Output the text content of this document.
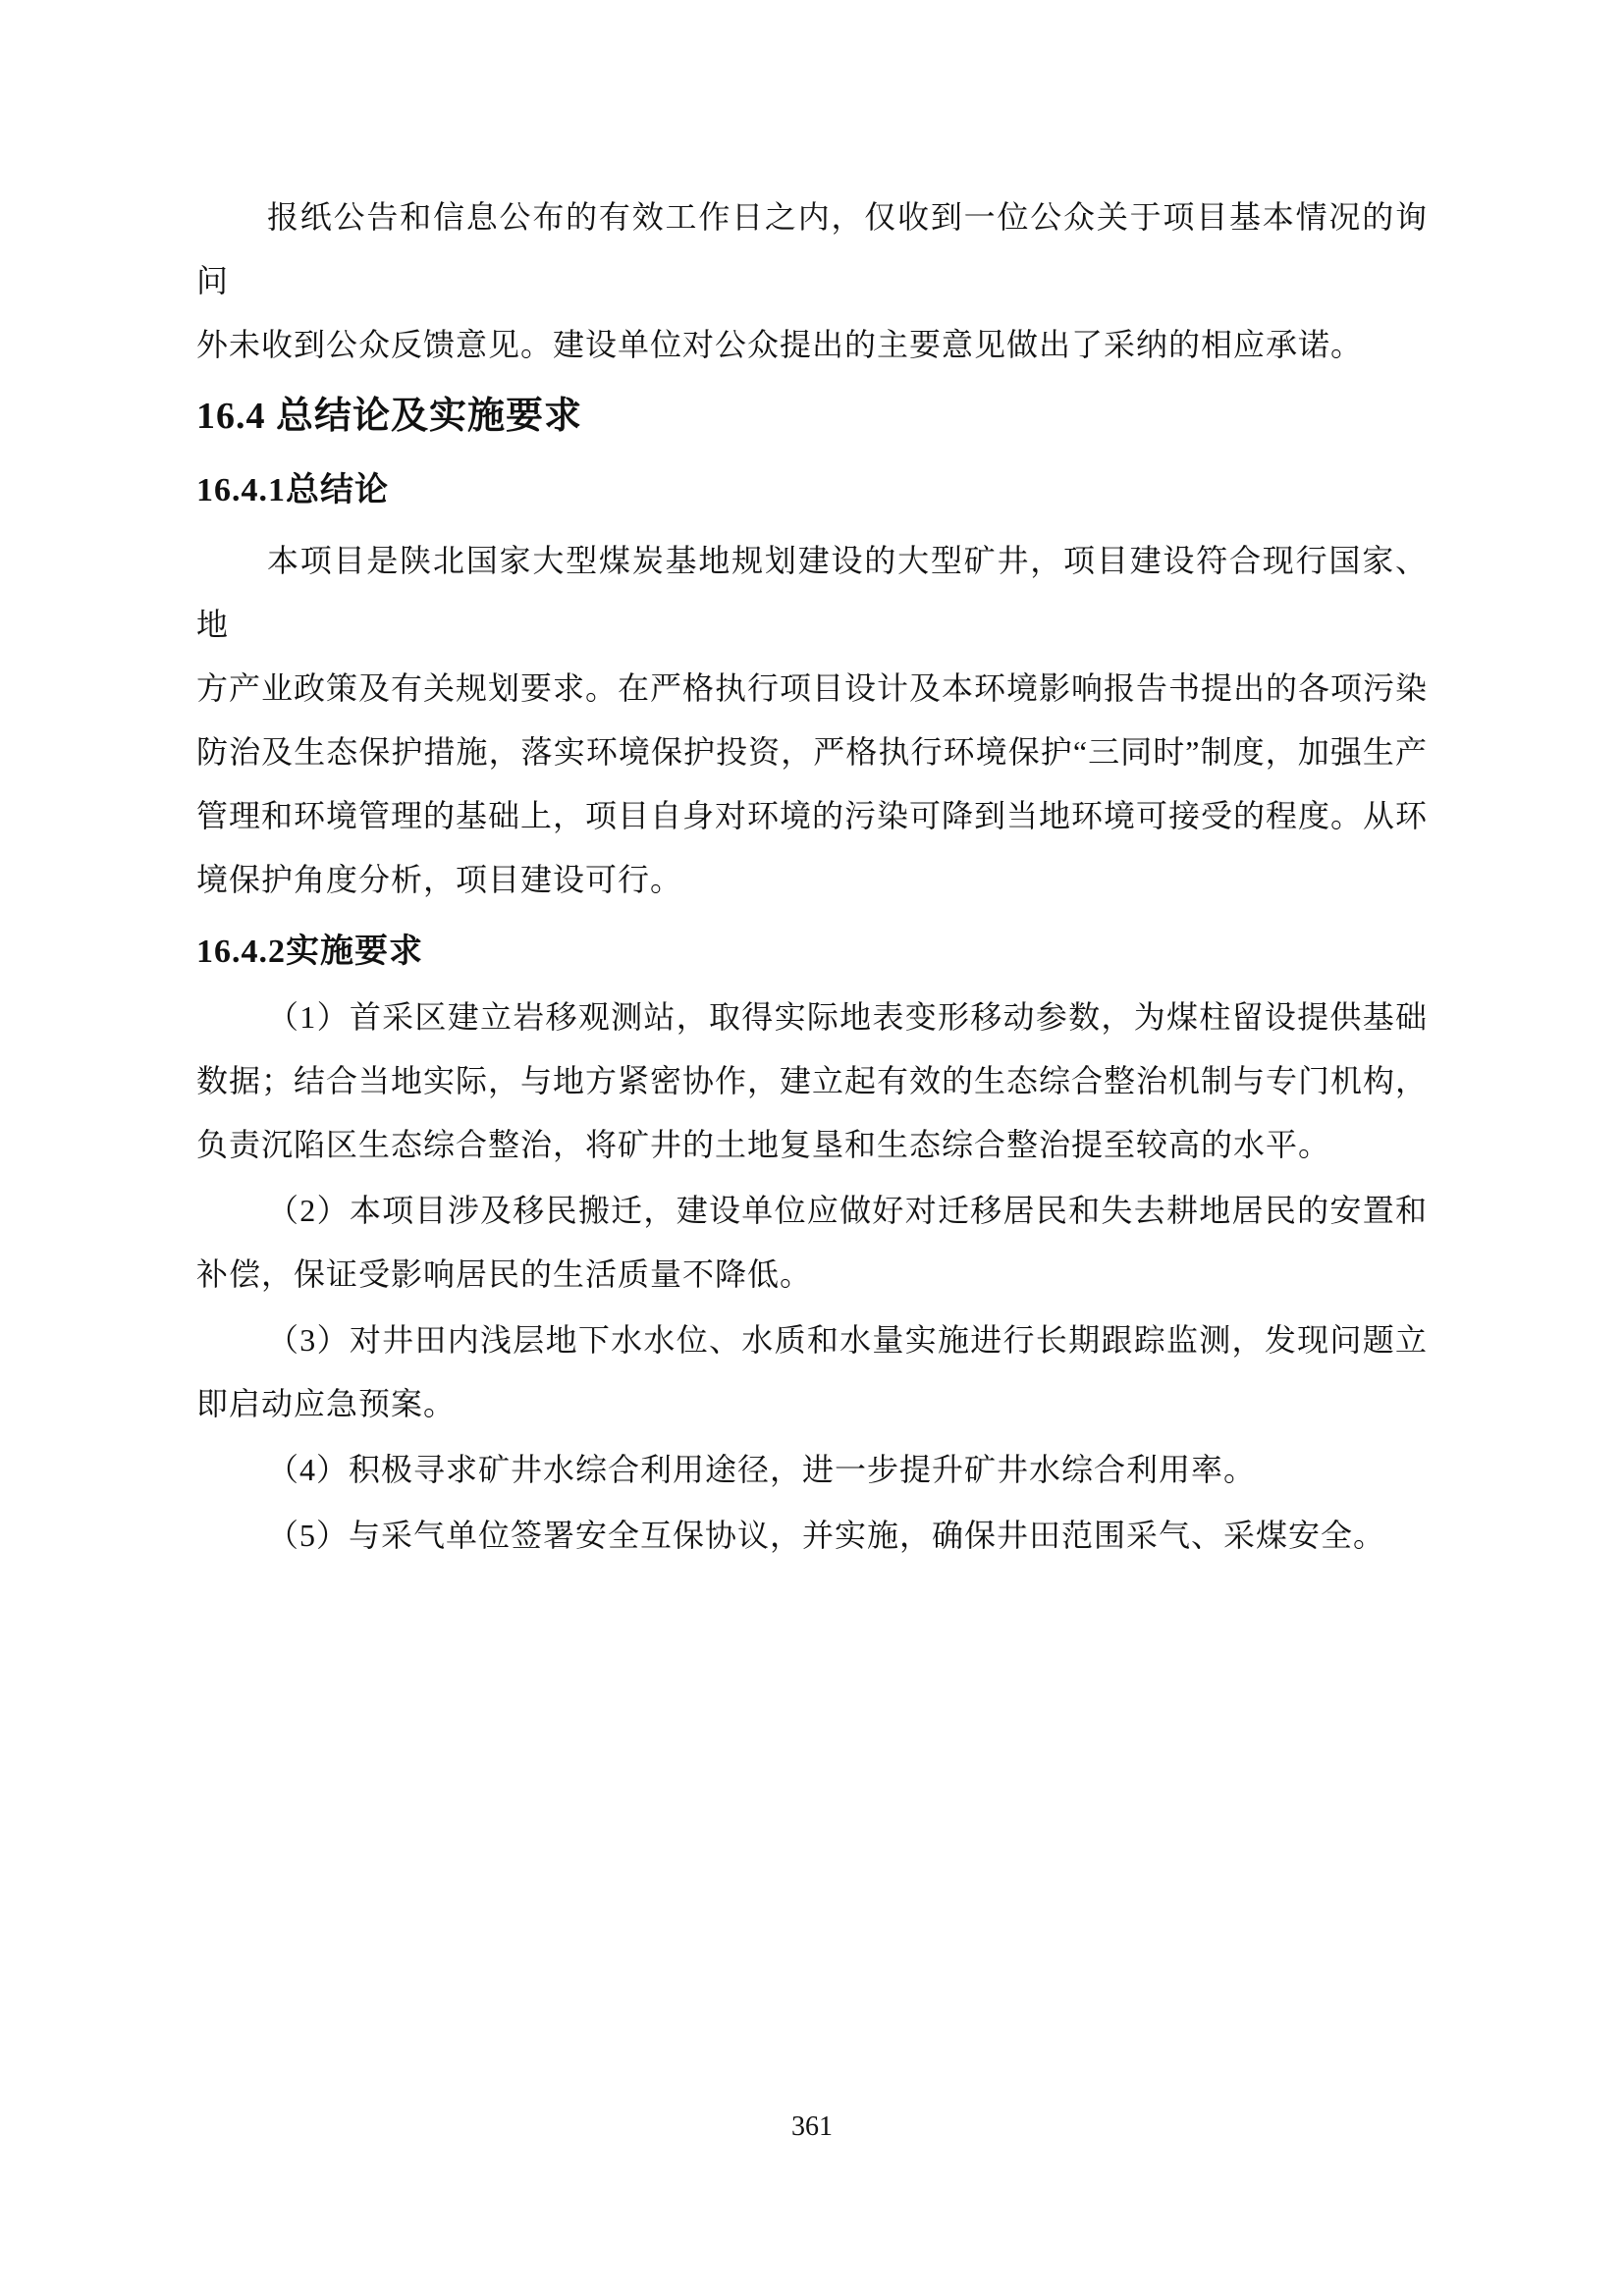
报纸公告和信息公布的有效工作日之内，仅收到一位公众关于项目基本情况的询问
外未收到公众反馈意见。建设单位对公众提出的主要意见做出了采纳的相应承诺。
16.4 总结论及实施要求
16.4.1总结论
本项目是陕北国家大型煤炭基地规划建设的大型矿井，项目建设符合现行国家、地
方产业政策及有关规划要求。在严格执行项目设计及本环境影响报告书提出的各项污染
防治及生态保护措施，落实环境保护投资，严格执行环境保护“三同时”制度，加强生产
管理和环境管理的基础上，项目自身对环境的污染可降到当地环境可接受的程度。从环
境保护角度分析，项目建设可行。
16.4.2实施要求
（1）首采区建立岩移观测站，取得实际地表变形移动参数，为煤柱留设提供基础
数据；结合当地实际，与地方紧密协作，建立起有效的生态综合整治机制与专门机构，
负责沉陷区生态综合整治，将矿井的土地复垦和生态综合整治提至较高的水平。
（2）本项目涉及移民搬迁，建设单位应做好对迁移居民和失去耕地居民的安置和
补偿，保证受影响居民的生活质量不降低。
（3）对井田内浅层地下水水位、水质和水量实施进行长期跟踪监测，发现问题立
即启动应急预案。
（4）积极寻求矿井水综合利用途径，进一步提升矿井水综合利用率。
（5）与采气单位签署安全互保协议，并实施，确保井田范围采气、采煤安全。
361
